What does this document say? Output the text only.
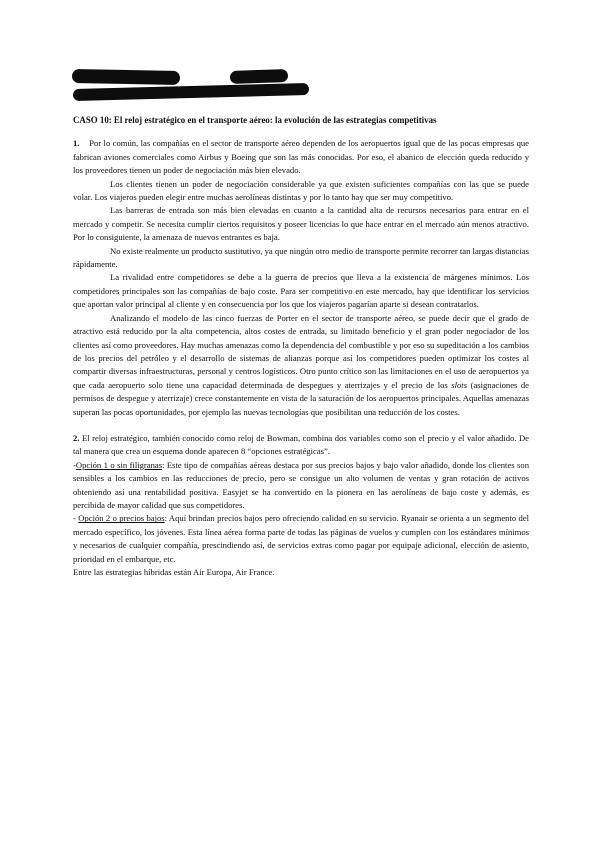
CASO 10: El reloj estratégico en el transporte aéreo: la evolución de las estrategias competitivas

1. Por lo común, las compañías en el sector de transporte aéreo dependen de los aeropuertos igual que de las pocas empresas que fabrican aviones comerciales como Airbus y Boeing que son las más conocidas. Por eso, el abanico de elección queda reducido y los proveedores tienen un poder de negociación más bien elevado.

Los clientes tienen un poder de negociación considerable ya que existen suficientes compañías con las que se puede volar. Los viajeros pueden elegir entre muchas aerolíneas distintas y por lo tanto hay que ser muy competitivo.

Las barreras de entrada son más bien elevadas en cuanto a la cantidad alta de recursos necesarios para entrar en el mercado y competir. Se necesita cumplir ciertos requisitos y poseer licencias lo que hace entrar en el mercado aún menos atractivo. Por lo consiguiente, la amenaza de nuevos entrantes es baja.

No existe realmente un producto sustitutivo, ya que ningún otro medio de transporte permite recorrer tan largas distancias rápidamente.

La rivalidad entre competidores se debe a la guerra de precios que lleva a la existencia de márgenes mínimos. Los competidores principales son las compañías de bajo coste. Para ser competitivo en este mercado, hay que identificar los servicios que aportan valor principal al cliente y en consecuencia por los que los viajeros pagarían aparte si desean contratarlos.

Analizando el modelo de las cinco fuerzas de Porter en el sector de transporte aéreo, se puede decir que el grado de atractivo está reducido por la alta competencia, altos costes de entrada, su limitado beneficio y el gran poder negociador de los clientes así como proveedores. Hay muchas amenazas como la dependencia del combustible y por eso su supeditación a los cambios de los precios del petróleo y el desarrollo de sistemas de alianzas porque así los competidores pueden optimizar los costes al compartir diversas infraestructuras, personal y centros logísticos. Otro punto crítico son las limitaciones en el uso de aeropuertos ya que cada aeropuerto solo tiene una capacidad determinada de despegues y aterrizajes y el precio de los slots (asignaciones de permisos de despegue y aterrizaje) crece constantemente en vista de la saturación de los aeropuertos principales. Aquellas amenazas superan las pocas oportunidades, por ejemplo las nuevas tecnologías que posibilitan una reducción de los costes.

2. El reloj estratégico, también conocido como reloj de Bowman, combina dos variables como son el precio y el valor añadido. De tal manera que crea un esquema donde aparecen 8 “opciones estratégicas”.

-Opción 1 o sin filigranas: Este tipo de compañías aéreas destaca por sus precios bajos y bajo valor añadido, donde los clientes son sensibles a los cambios en las reducciones de precio, pero se consigue un alto volumen de ventas y gran rotación de activos obteniendo así una rentabilidad positiva. Easyjet se ha convertido en la pionera en las aerolíneas de bajo coste y además, es percibida de mayor calidad que sus competidores.

- Opción 2 o precios bajos: Aquí brindan precios bajos pero ofreciendo calidad en su servicio. Ryanair se orienta a un segmento del mercado específico, los jóvenes. Esta línea aérea forma parte de todas las páginas de vuelos y cumplen con los estándares mínimos y necesarios de cualquier compañía, prescindiendo así, de servicios extras como pagar por equipaje adicional, elección de asiento, prioridad en el embarque, etc.

Entre las estrategias híbridas están Air Europa, Air France.
